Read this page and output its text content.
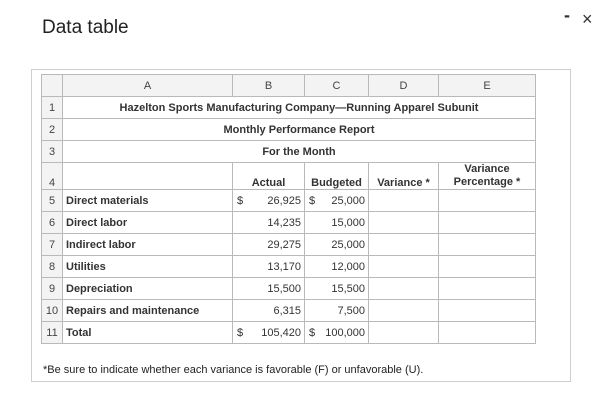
Data table
- ×
	A	B	C	D	E
1	Hazelton Sports Manufacturing Company—Running Apparel Subunit				
2	Monthly Performance Report				
3	For the Month				
4		Actual	Budgeted	Variance *	Variance Percentage *
5	Direct materials	$ 26,925	$ 25,000		
6	Direct labor	14,235	15,000		
7	Indirect labor	29,275	25,000		
8	Utilities	13,170	12,000		
9	Depreciation	15,500	15,500		
10	Repairs and maintenance	6,315	7,500		
11	Total	$ 105,420	$ 100,000		
*Be sure to indicate whether each variance is favorable (F) or unfavorable (U).
